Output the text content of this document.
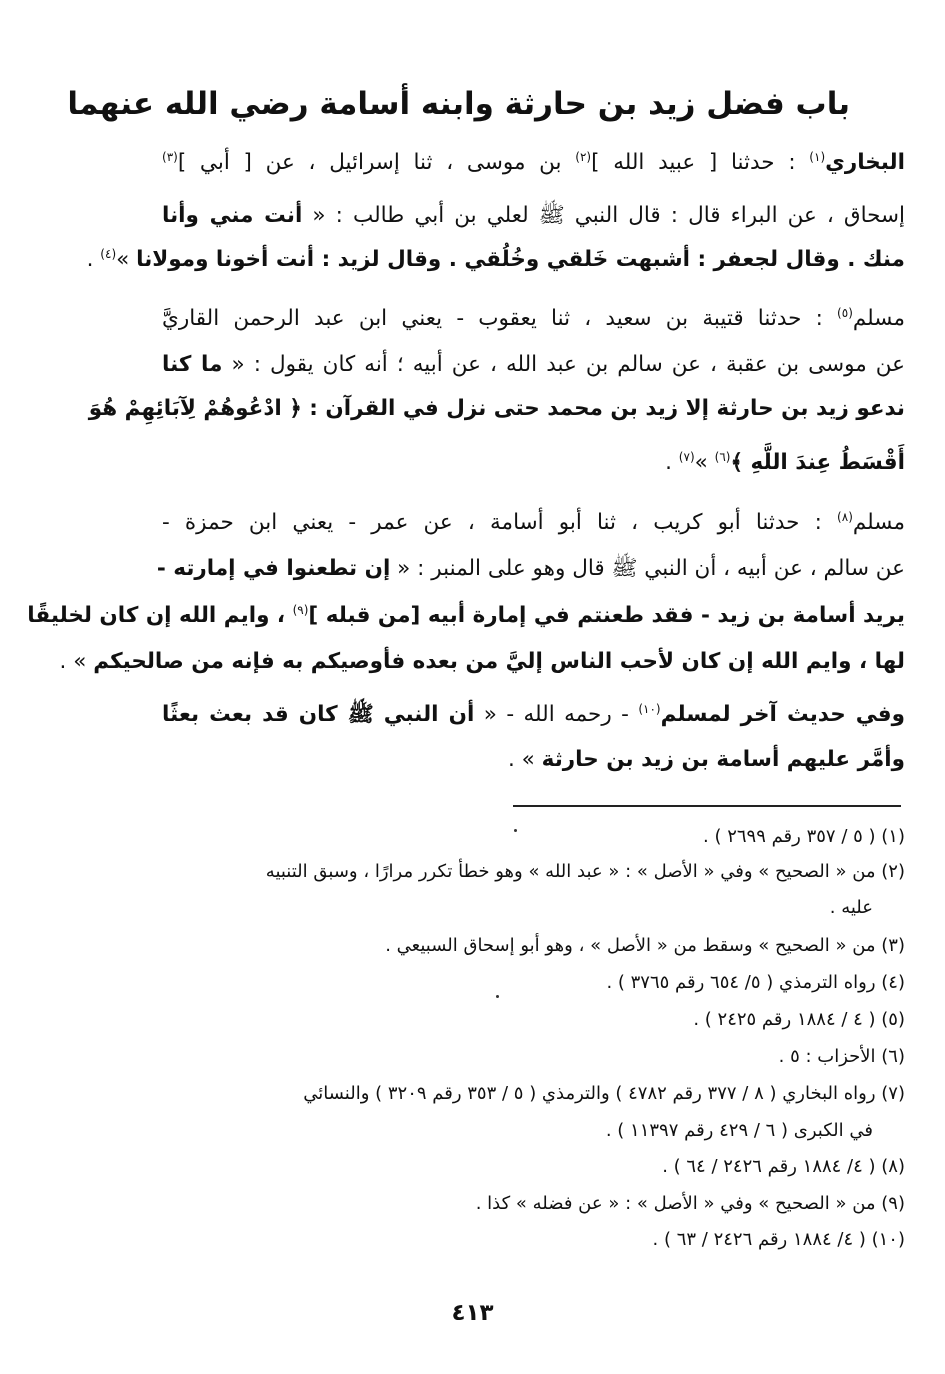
باب فضل زيد بن حارثة وابنه أسامة رضي الله عنهما
البخاري$^{(١)}$ : حدثنا [ عبيد الله ]$^{(٢)}$ بن موسى ، ثنا إسرائيل ، عن [ أبي ]$^{(٣)}$
إسحاق ، عن البراء قال : قال النبي ﷺ لعلي بن أبي طالب : « أنت مني وأنا
منك . وقال لجعفر : أشبهت خَلقي وخُلُقي . وقال لزيد : أنت أخونا ومولانا »$^{(٤)}$ .
مسلم$^{(٥)}$ : حدثنا قتيبة بن سعيد ، ثنا يعقوب - يعني ابن عبد الرحمن القاريَّ
عن موسى بن عقبة ، عن سالم بن عبد الله ، عن أبيه ؛ أنه كان يقول : « ما كنا
ندعو زيد بن حارثة إلا زيد بن محمد حتى نزل في القرآن : ﴿ ادْعُوهُمْ لِآبَائِهِمْ هُوَ
أَقْسَطُ عِندَ اللَّهِ ﴾$^{(٦)}$ »$^{(٧)}$ .
مسلم$^{(٨)}$ : حدثنا أبو كريب ، ثنا أبو أسامة ، عن عمر - يعني ابن حمزة -
عن سالم ، عن أبيه ، أن النبي ﷺ قال وهو على المنبر : « إن تطعنوا في إمارته -
يريد أسامة بن زيد - فقد طعنتم في إمارة أبيه [من قبله ]$^{(٩)}$ ، وايم الله إن كان لخليقًا
لها ، وايم الله إن كان لأحب الناس إليَّ من بعده فأوصيكم به فإنه من صالحيكم » .
وفي حديث آخر لمسلم$^{(١٠)}$ - رحمه الله - « أن النبي ﷺ كان قد بعث بعثًا
وأمَّر عليهم أسامة بن زيد بن حارثة » .
(١) ( ٥ / ٣٥٧ رقم ٢٦٩٩ ) .
(٢) من « الصحيح » وفي « الأصل » : « عبد الله » وهو خطأ تكرر مرارًا ، وسبق التنبيه
عليه .
(٣) من « الصحيح » وسقط من « الأصل » ، وهو أبو إسحاق السبيعي .
(٤) رواه الترمذي ( ٥/ ٦٥٤ رقم ٣٧٦٥ ) .
(٥) ( ٤ / ١٨٨٤ رقم ٢٤٢٥ ) .
(٦) الأحزاب : ٥ .
(٧) رواه البخاري ( ٨ / ٣٧٧ رقم ٤٧٨٢ ) والترمذي ( ٥ / ٣٥٣ رقم ٣٢٠٩ ) والنسائي
في الكبرى ( ٦ / ٤٢٩ رقم ١١٣٩٧ ) .
(٨) ( ٤/ ١٨٨٤ رقم ٢٤٢٦ / ٦٤ ) .
(٩) من « الصحيح » وفي « الأصل » : « عن فضله » كذا .
(١٠) ( ٤/ ١٨٨٤ رقم ٢٤٢٦ / ٦٣ ) .
٤١٣
